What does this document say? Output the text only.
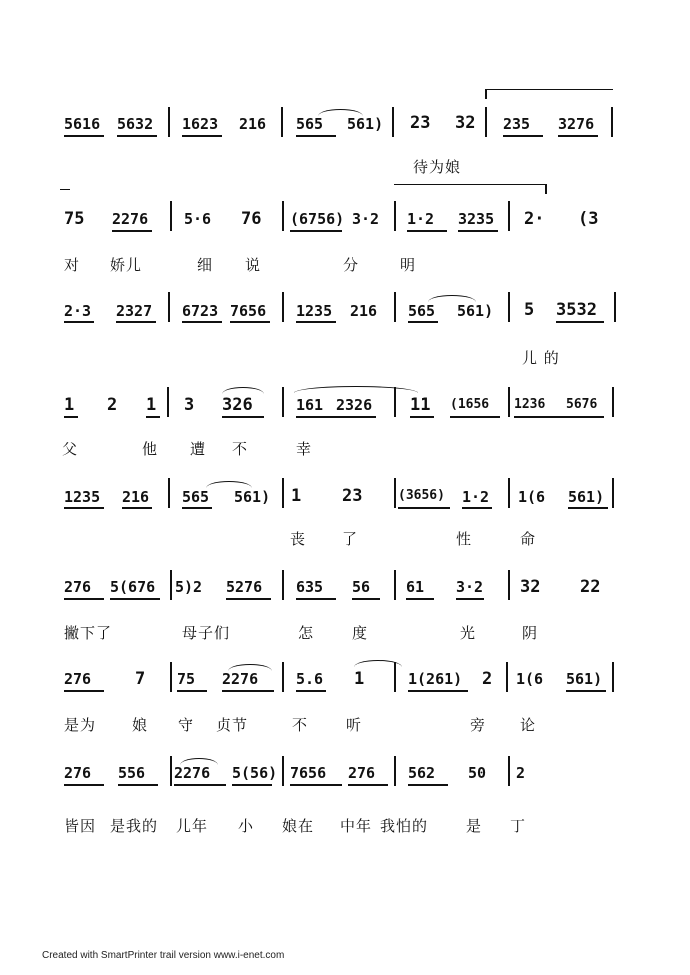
5616 5632 1623 216 565 561) 23 32 235 3276
待为娘
75 2276 5·6 76 (6756) 3·2 1·2 3235 2· (3
对 娇儿	细 说	分	明
2·3 2327 6723 7656 1235 216 565 561) 5 3532
儿 的
1 2 1 3 326	161 2326 11 (1656 1236 5676
父	他 遭 不	幸
1235 216 565 561) 1 23	(3656) 1·2 1(6 561)
丧 了	性	命
276 5(676 5)2 5276 635 56 61 3·2 32 22
撇下了	母子们	怎	度	光	阴
276	7 75 2276	5.6 1	1(261) 2 1(6 561)
是为 娘 守 贞节	不	听	旁 论
276 556 2276 5(56) 7656 276 562 50 2
皆因 是我的 儿年 小 娘在 中年 我怕的	是 丁
Created with SmartPrinter trail version www.i-enet.com
